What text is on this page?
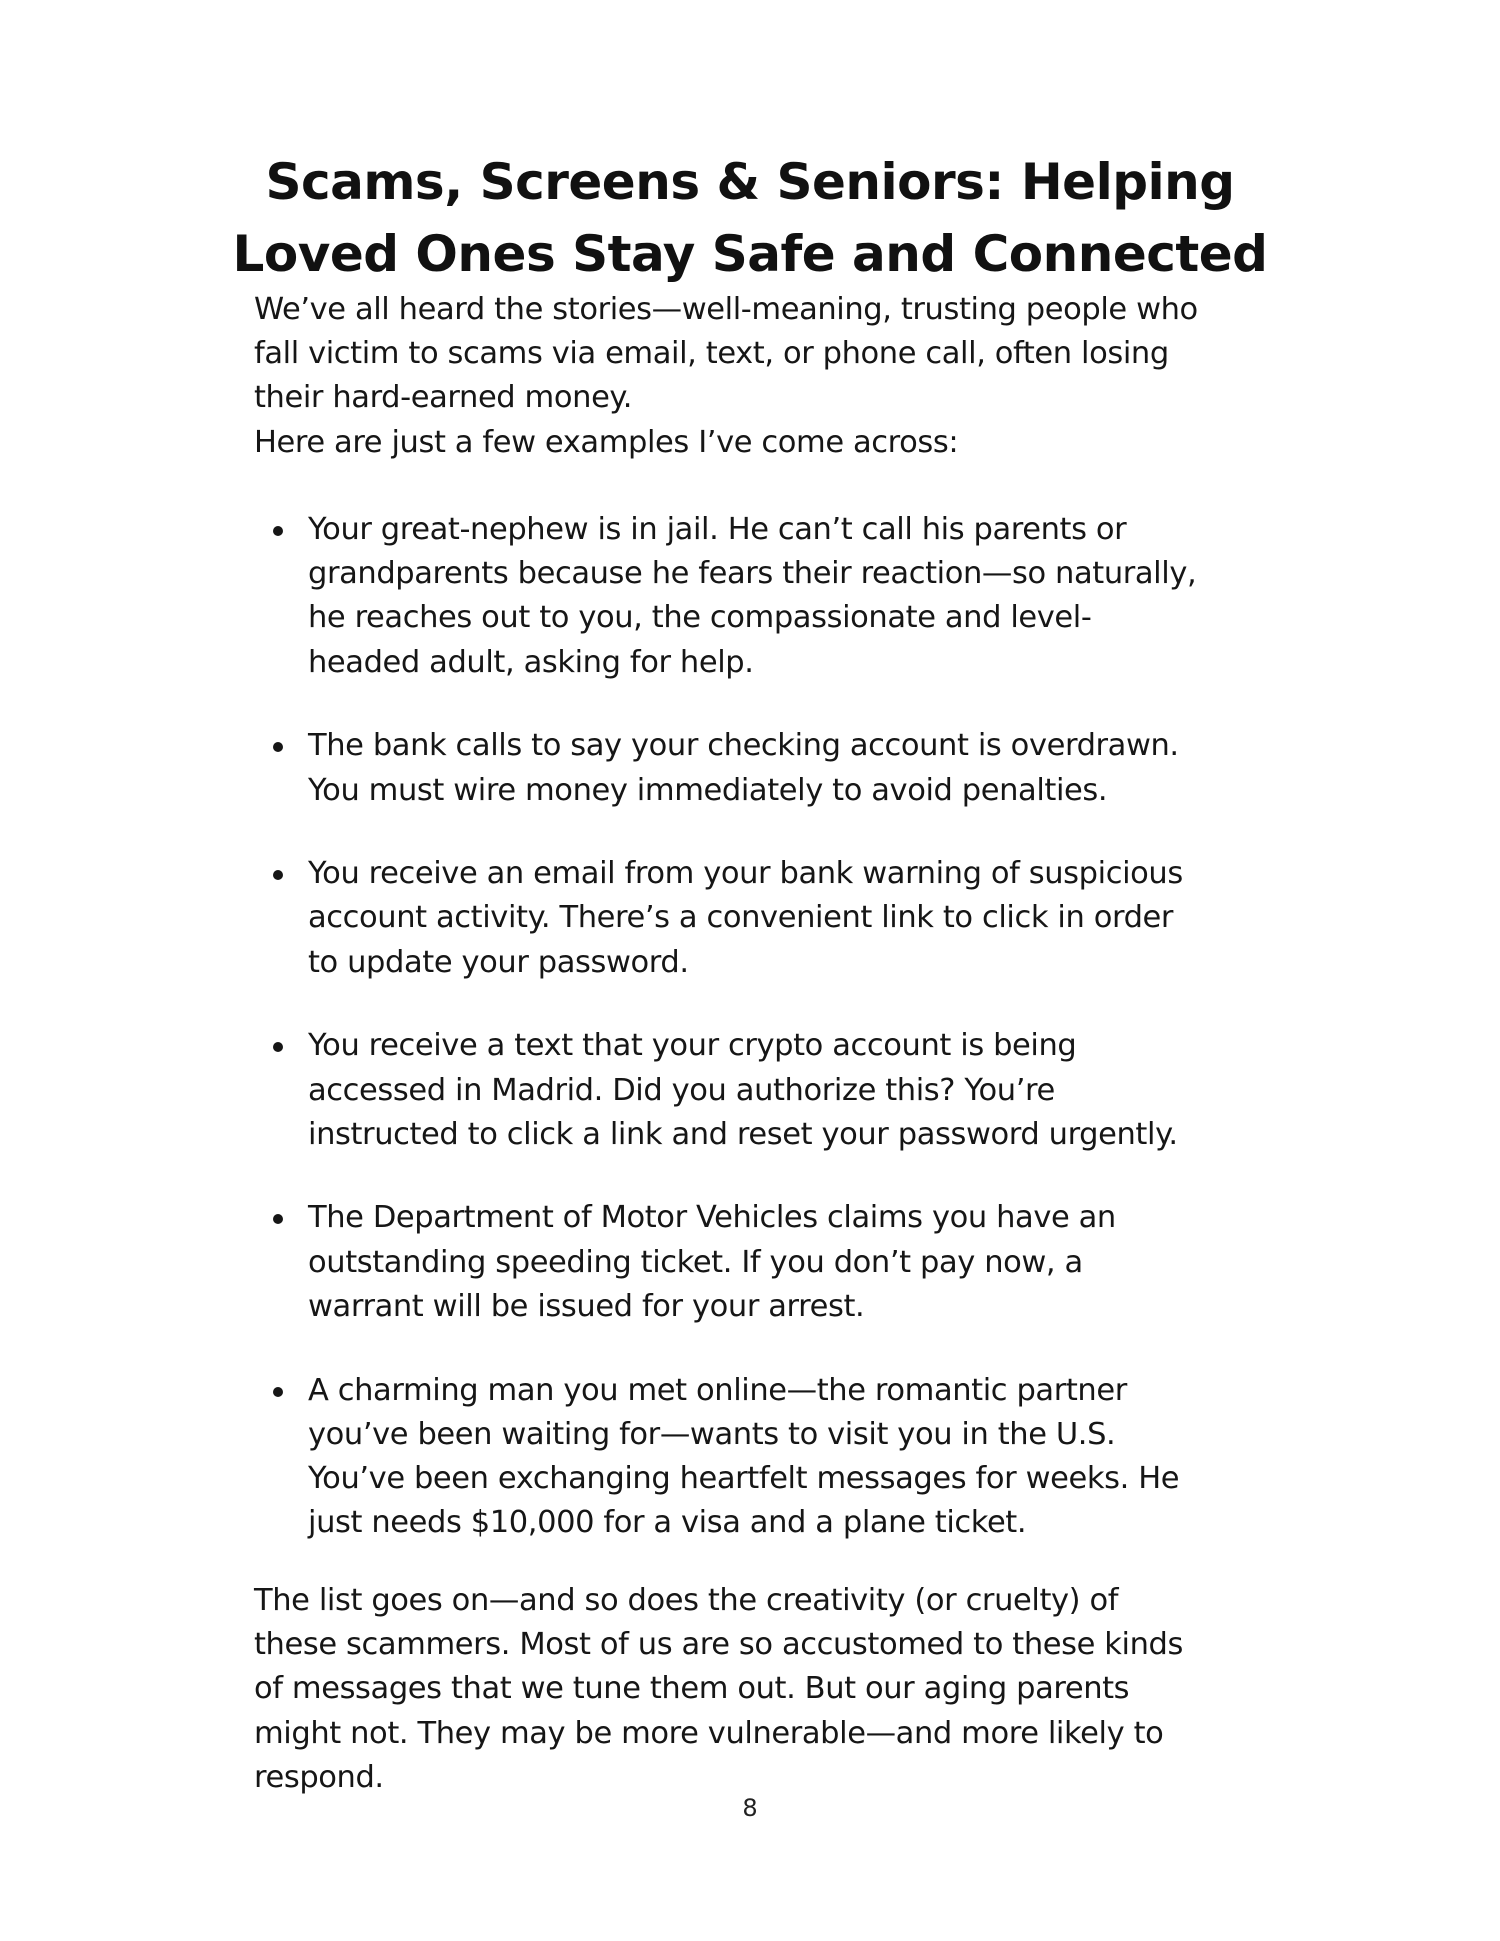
Scams, Screens & Seniors: Helping
Loved Ones Stay Safe and Connected

We’ve all heard the stories—well-meaning, trusting people who
fall victim to scams via email, text, or phone call, often losing
their hard-earned money.
Here are just a few examples I’ve come across:

Your great-nephew is in jail. He can’t call his parents or
grandparents because he fears their reaction—so naturally,
he reaches out to you, the compassionate and level-
headed adult, asking for help.
The bank calls to say your checking account is overdrawn.
You must wire money immediately to avoid penalties.
You receive an email from your bank warning of suspicious
account activity. There’s a convenient link to click in order
to update your password.
You receive a text that your crypto account is being
accessed in Madrid. Did you authorize this? You’re
instructed to click a link and reset your password urgently.
The Department of Motor Vehicles claims you have an
outstanding speeding ticket. If you don’t pay now, a
warrant will be issued for your arrest.
A charming man you met online—the romantic partner
you’ve been waiting for—wants to visit you in the U.S.
You’ve been exchanging heartfelt messages for weeks. He
just needs $10,000 for a visa and a plane ticket.

The list goes on—and so does the creativity (or cruelty) of
these scammers. Most of us are so accustomed to these kinds
of messages that we tune them out. But our aging parents
might not. They may be more vulnerable—and more likely to
respond.

8
